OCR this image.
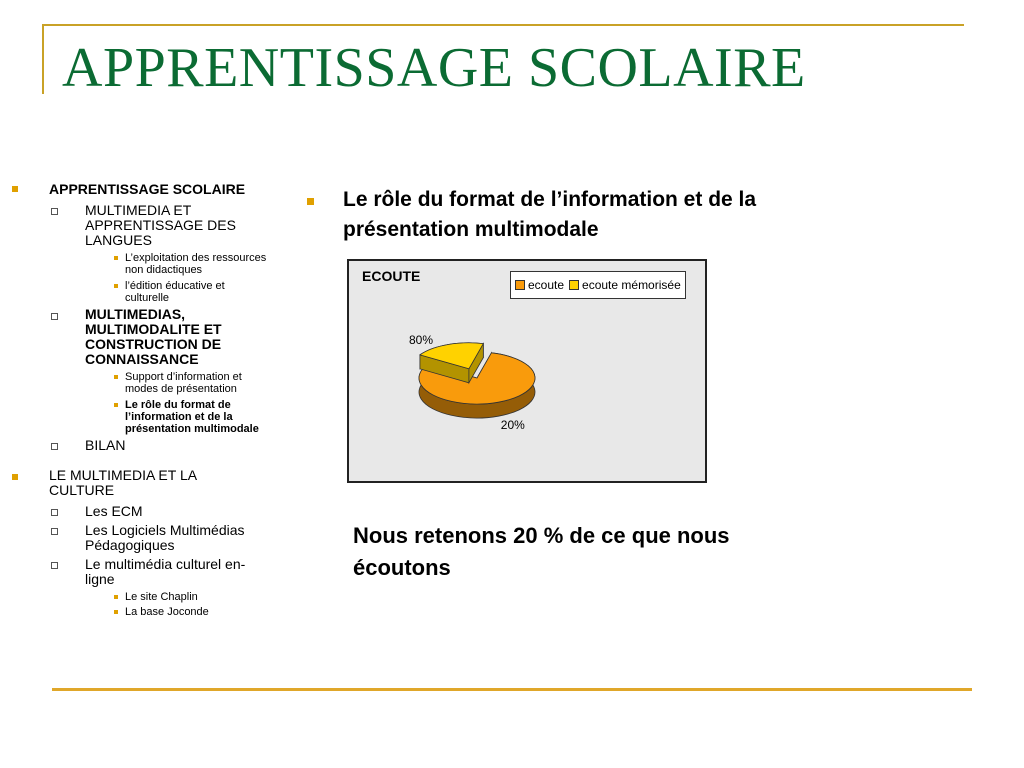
APPRENTISSAGE SCOLAIRE
APPRENTISSAGE SCOLAIRE
MULTIMEDIA ET
APPRENTISSAGE DES
LANGUES
L’exploitation des ressources
non didactiques
l’édition éducative et
culturelle
MULTIMEDIAS,
MULTIMODALITE ET
CONSTRUCTION DE
CONNAISSANCE
Support d’information et
modes de présentation
Le rôle du format de
l’information et de la
présentation multimodale
BILAN
LE MULTIMEDIA ET LA
CULTURE
Les ECM
Les Logiciels Multimédias
Pédagogiques
Le multimédia culturel en-
ligne
Le site Chaplin
La base Joconde
Le rôle du format de l’information et de la
présentation multimodale
ECOUTE
ecoute ecoute mémorisée
80%
20%
Nous retenons 20 % de ce que nous
écoutons
